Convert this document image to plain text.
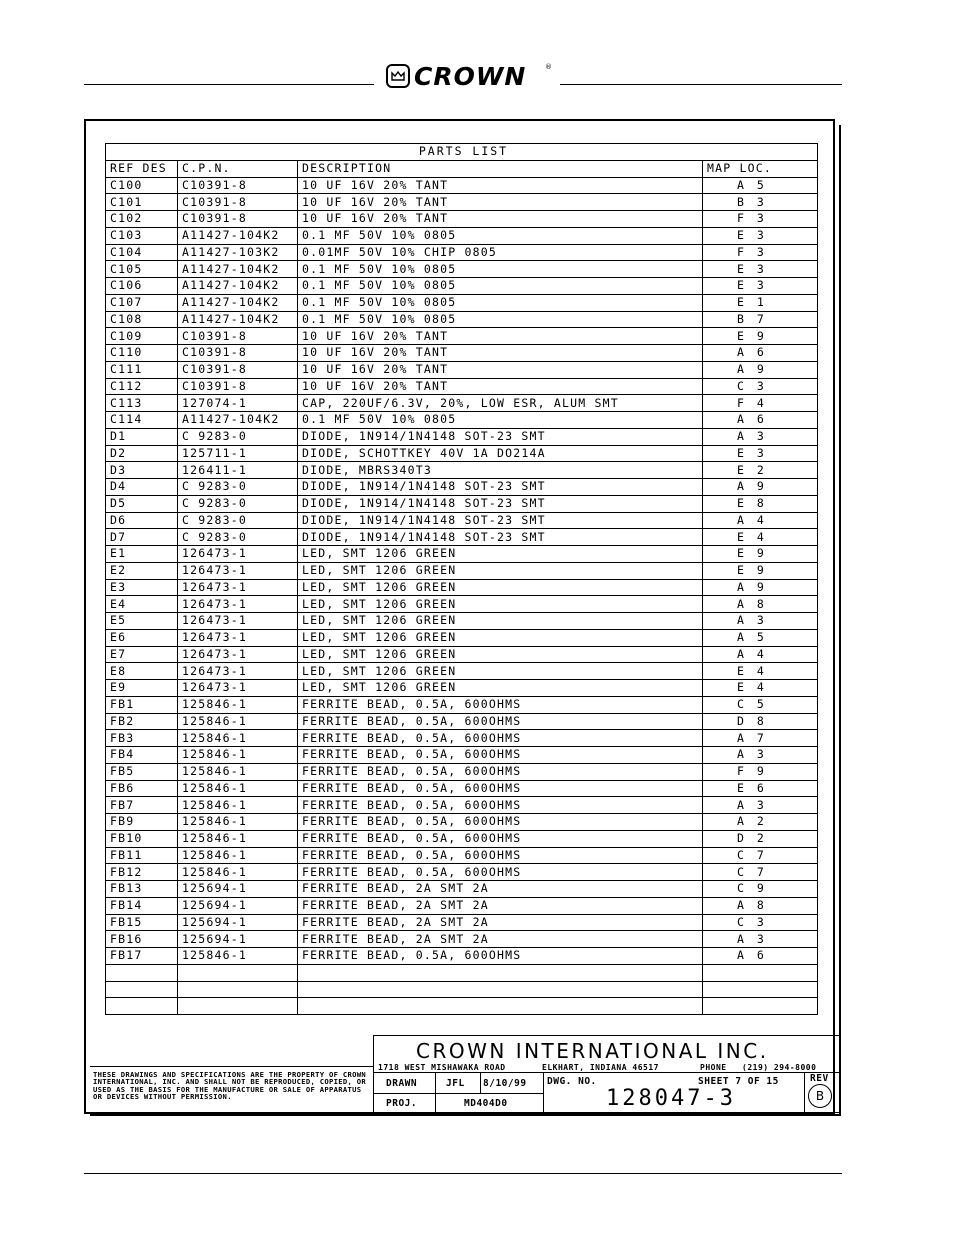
CROWN	®
PARTS LIST			
REF DES	C.P.N.	DESCRIPTION	MAP LOC.
C100	C10391-8	10 UF 16V 20% TANT	A 5
C101	C10391-8	10 UF 16V 20% TANT	B 3
C102	C10391-8	10 UF 16V 20% TANT	F 3
C103	A11427-104K2	0.1 MF 50V 10% 0805	E 3
C104	A11427-103K2	0.01MF 50V 10% CHIP 0805	F 3
C105	A11427-104K2	0.1 MF 50V 10% 0805	E 3
C106	A11427-104K2	0.1 MF 50V 10% 0805	E 3
C107	A11427-104K2	0.1 MF 50V 10% 0805	E 1
C108	A11427-104K2	0.1 MF 50V 10% 0805	B 7
C109	C10391-8	10 UF 16V 20% TANT	E 9
C110	C10391-8	10 UF 16V 20% TANT	A 6
C111	C10391-8	10 UF 16V 20% TANT	A 9
C112	C10391-8	10 UF 16V 20% TANT	C 3
C113	127074-1	CAP, 220UF/6.3V, 20%, LOW ESR, ALUM SMT	F 4
C114	A11427-104K2	0.1 MF 50V 10% 0805	A 6
D1	C 9283-0	DIODE, 1N914/1N4148 SOT-23 SMT	A 3
D2	125711-1	DIODE, SCHOTTKEY 40V 1A DO214A	E 3
D3	126411-1	DIODE, MBRS340T3	E 2
D4	C 9283-0	DIODE, 1N914/1N4148 SOT-23 SMT	A 9
D5	C 9283-0	DIODE, 1N914/1N4148 SOT-23 SMT	E 8
D6	C 9283-0	DIODE, 1N914/1N4148 SOT-23 SMT	A 4
D7	C 9283-0	DIODE, 1N914/1N4148 SOT-23 SMT	E 4
E1	126473-1	LED, SMT 1206 GREEN	E 9
E2	126473-1	LED, SMT 1206 GREEN	E 9
E3	126473-1	LED, SMT 1206 GREEN	A 9
E4	126473-1	LED, SMT 1206 GREEN	A 8
E5	126473-1	LED, SMT 1206 GREEN	A 3
E6	126473-1	LED, SMT 1206 GREEN	A 5
E7	126473-1	LED, SMT 1206 GREEN	A 4
E8	126473-1	LED, SMT 1206 GREEN	E 4
E9	126473-1	LED, SMT 1206 GREEN	E 4
FB1	125846-1	FERRITE BEAD, 0.5A, 600OHMS	C 5
FB2	125846-1	FERRITE BEAD, 0.5A, 600OHMS	D 8
FB3	125846-1	FERRITE BEAD, 0.5A, 600OHMS	A 7
FB4	125846-1	FERRITE BEAD, 0.5A, 600OHMS	A 3
FB5	125846-1	FERRITE BEAD, 0.5A, 600OHMS	F 9
FB6	125846-1	FERRITE BEAD, 0.5A, 600OHMS	E 6
FB7	125846-1	FERRITE BEAD, 0.5A, 600OHMS	A 3
FB9	125846-1	FERRITE BEAD, 0.5A, 600OHMS	A 2
FB10	125846-1	FERRITE BEAD, 0.5A, 600OHMS	D 2
FB11	125846-1	FERRITE BEAD, 0.5A, 600OHMS	C 7
FB12	125846-1	FERRITE BEAD, 0.5A, 600OHMS	C 7
FB13	125694-1	FERRITE BEAD, 2A SMT 2A	C 9
FB14	125694-1	FERRITE BEAD, 2A SMT 2A	A 8
FB15	125694-1	FERRITE BEAD, 2A SMT 2A	C 3
FB16	125694-1	FERRITE BEAD, 2A SMT 2A	A 3
FB17	125846-1	FERRITE BEAD, 0.5A, 600OHMS	A 6

THESE DRAWINGS AND SPECIFICATIONS ARE THE PROPERTY OF CROWN INTERNATIONAL, INC. AND SHALL NOT BE REPRODUCED, COPIED, OR USED AS THE BASIS FOR THE MANUFACTURE OR SALE OF APPARATUS OR DEVICES WITHOUT PERMISSION.
CROWN INTERNATIONAL INC.
1718 WEST MISHAWAKA ROAD	ELKHART, INDIANA 46517	PHONE (219) 294-8000
DRAWN	JFL 8/10/99 DWG. NO.	SHEET 7 OF 15	REV
B
PROJ.	MD404D0	128047-3
